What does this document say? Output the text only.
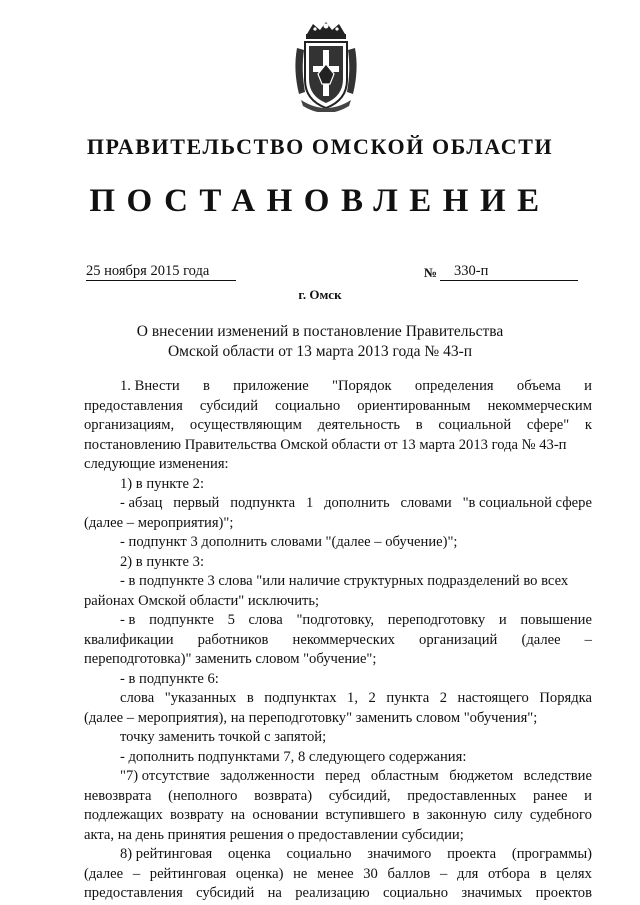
ПРАВИТЕЛЬСТВО ОМСКОЙ ОБЛАСТИ
ПОСТАНОВЛЕНИЕ
25 ноября 2015 года	№	330-п
г. Омск
О внесении изменений в постановление Правительства
Омской области от 13 марта 2013 года № 43-п
1. Внести в приложение "Порядок определения объема и
предоставления субсидий социально ориентированным некоммерческим
организациям, осуществляющим деятельность в социальной сфере" к
постановлению Правительства Омской области от 13 марта 2013 года № 43-п
следующие изменения:
1) в пункте 2:
- абзац первый подпункта 1 дополнить словами "в социальной сфере
(далее – мероприятия)";
- подпункт 3 дополнить словами "(далее – обучение)";
2) в пункте 3:
- в подпункте 3 слова "или наличие структурных подразделений во всех
районах Омской области" исключить;
- в подпункте 5 слова "подготовку, переподготовку и повышение
квалификации работников некоммерческих организаций (далее –
переподготовка)" заменить словом "обучение";
- в подпункте 6:
слова "указанных в подпунктах 1, 2 пункта 2 настоящего Порядка
(далее – мероприятия), на переподготовку" заменить словом "обучения";
точку заменить точкой с запятой;
- дополнить подпунктами 7, 8 следующего содержания:
"7) отсутствие задолженности перед областным бюджетом вследствие
невозврата (неполного возврата) субсидий, предоставленных ранее и
подлежащих возврату на основании вступившего в законную силу судебного
акта, на день принятия решения о предоставлении субсидии;
8) рейтинговая оценка социально значимого проекта (программы)
(далее – рейтинговая оценка) не менее 30 баллов – для отбора в целях
предоставления субсидий на реализацию социально значимых проектов
